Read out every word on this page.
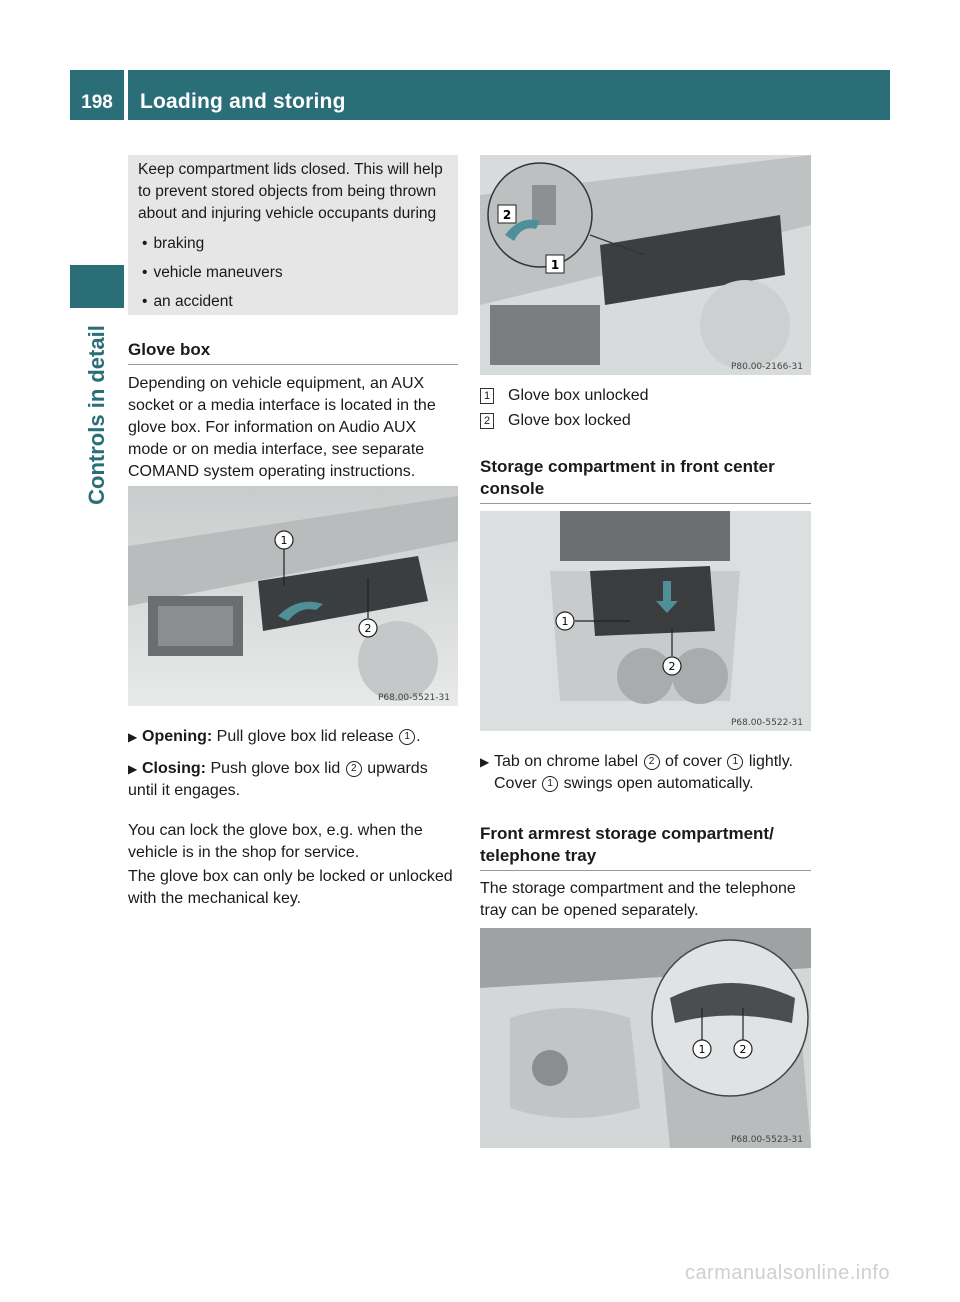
198	Loading and storing
Controls in detail

Keep compartment lids closed. This will help to prevent stored objects from being thrown about and injuring vehicle occupants during

• braking
• vehicle maneuvers
• an accident
Glove box

Depending on vehicle equipment, an AUX socket or a media interface is located in the glove box. For information on Audio AUX mode or on media interface, see separate COMAND system operating instructions.

1
2
P68.00-5521-31
▶ Opening: Pull glove box lid release 1 .
▶ Closing: Push glove box lid 2 upwards until it engages.

You can lock the glove box, e.g. when the vehicle is in the shop for service.

The glove box can only be locked or unlocked with the mechanical key.

2
1
P80.00-2166-31
1 Glove box unlocked
2 Glove box locked
Storage compartment in front center console
1
2
P68.00-5522-31
▶ Tab on chrome label 2 of cover 1 lightly.
Cover 1 swings open automatically.
Front armrest storage compartment/ telephone tray

The storage compartment and the telephone tray can be opened separately.

1	2
P68.00-5523-31
carmanualsonline.info
